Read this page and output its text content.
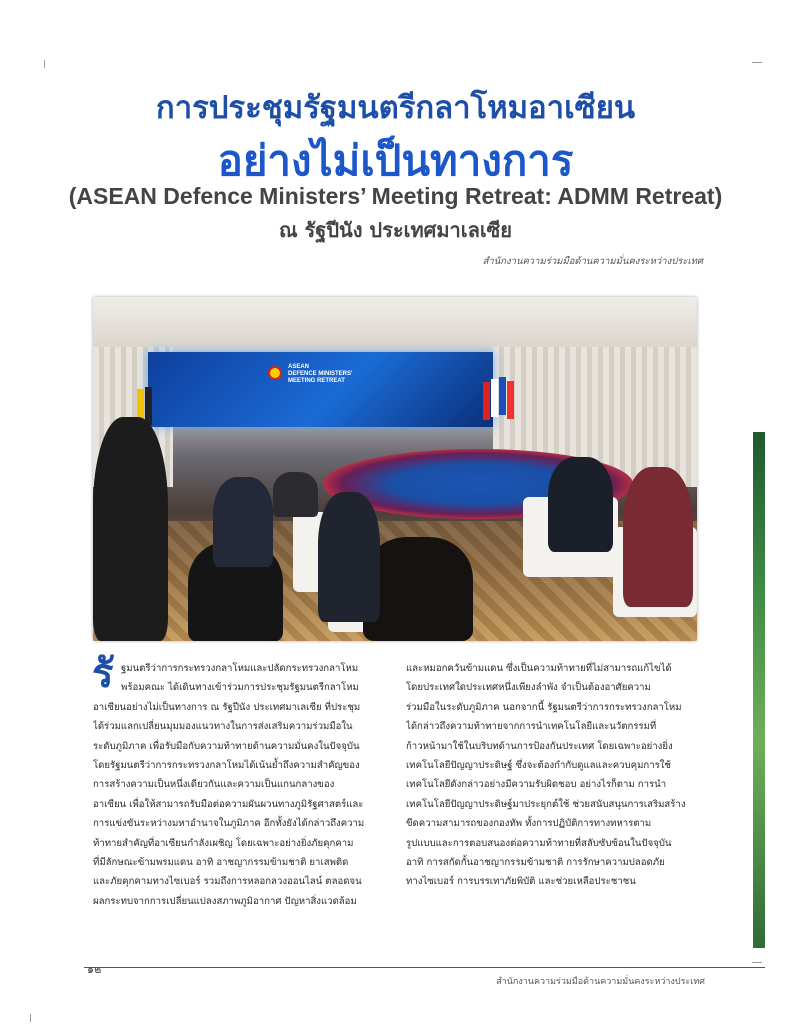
การประชุมรัฐมนตรีกลาโหมอาเซียน
อย่างไม่เป็นทางการ
(ASEAN Defence Ministers’ Meeting Retreat: ADMM Retreat)
ณ รัฐปีนัง ประเทศมาเลเซีย
สำนักงานความร่วมมือด้านความมั่นคงระหว่างประเทศ
ASEAN
DEFENCE MINISTERS'
MEETING RETREAT
รั ฐมนตรีว่าการกระทรวงกลาโหมและปลัดกระทรวงกลาโหม
พร้อมคณะ ได้เดินทางเข้าร่วมการประชุมรัฐมนตรีกลาโหม
อาเซียนอย่างไม่เป็นทางการ ณ รัฐปีนัง ประเทศมาเลเซีย ที่ประชุม
ได้ร่วมแลกเปลี่ยนมุมมองแนวทางในการส่งเสริมความร่วมมือใน
ระดับภูมิภาค เพื่อรับมือกับความท้าทายด้านความมั่นคงในปัจจุบัน
โดยรัฐมนตรีว่าการกระทรวงกลาโหมได้เน้นย้ำถึงความสำคัญของ
การสร้างความเป็นหนึ่งเดียวกันและความเป็นแกนกลางของ
อาเซียน เพื่อให้สามารถรับมือต่อความผันผวนทางภูมิรัฐศาสตร์และ
การแข่งขันระหว่างมหาอำนาจในภูมิภาค อีกทั้งยังได้กล่าวถึงความ
ท้าทายสำคัญที่อาเซียนกำลังเผชิญ โดยเฉพาะอย่างยิ่งภัยคุกคาม
ที่มีลักษณะข้ามพรมแดน อาทิ อาชญากรรมข้ามชาติ ยาเสพติด
และภัยคุกคามทางไซเบอร์ รวมถึงการหลอกลวงออนไลน์ ตลอดจน
ผลกระทบจากการเปลี่ยนแปลงสภาพภูมิอากาศ ปัญหาสิ่งแวดล้อม
และหมอกควันข้ามแดน ซึ่งเป็นความท้าทายที่ไม่สามารถแก้ไขได้
โดยประเทศใดประเทศหนึ่งเพียงลำพัง จำเป็นต้องอาศัยความ
ร่วมมือในระดับภูมิภาค นอกจากนี้ รัฐมนตรีว่าการกระทรวงกลาโหม
ได้กล่าวถึงความท้าทายจากการนำเทคโนโลยีและนวัตกรรมที่
ก้าวหน้ามาใช้ในบริบทด้านการป้องกันประเทศ โดยเฉพาะอย่างยิ่ง
เทคโนโลยีปัญญาประดิษฐ์ ซึ่งจะต้องกำกับดูแลและควบคุมการใช้
เทคโนโลยีดังกล่าวอย่างมีความรับผิดชอบ อย่างไรก็ตาม การนำ
เทคโนโลยีปัญญาประดิษฐ์มาประยุกต์ใช้ ช่วยสนับสนุนการเสริมสร้าง
ขีดความสามารถของกองทัพ ทั้งการปฏิบัติการทางทหารตาม
รูปแบบและการตอบสนองต่อความท้าทายที่สลับซับซ้อนในปัจจุบัน
อาทิ การสกัดกั้นอาชญากรรมข้ามชาติ การรักษาความปลอดภัย
ทางไซเบอร์ การบรรเทาภัยพิบัติ และช่วยเหลือประชาชน
๑๒
สำนักงานความร่วมมือด้านความมั่นคงระหว่างประเทศ
